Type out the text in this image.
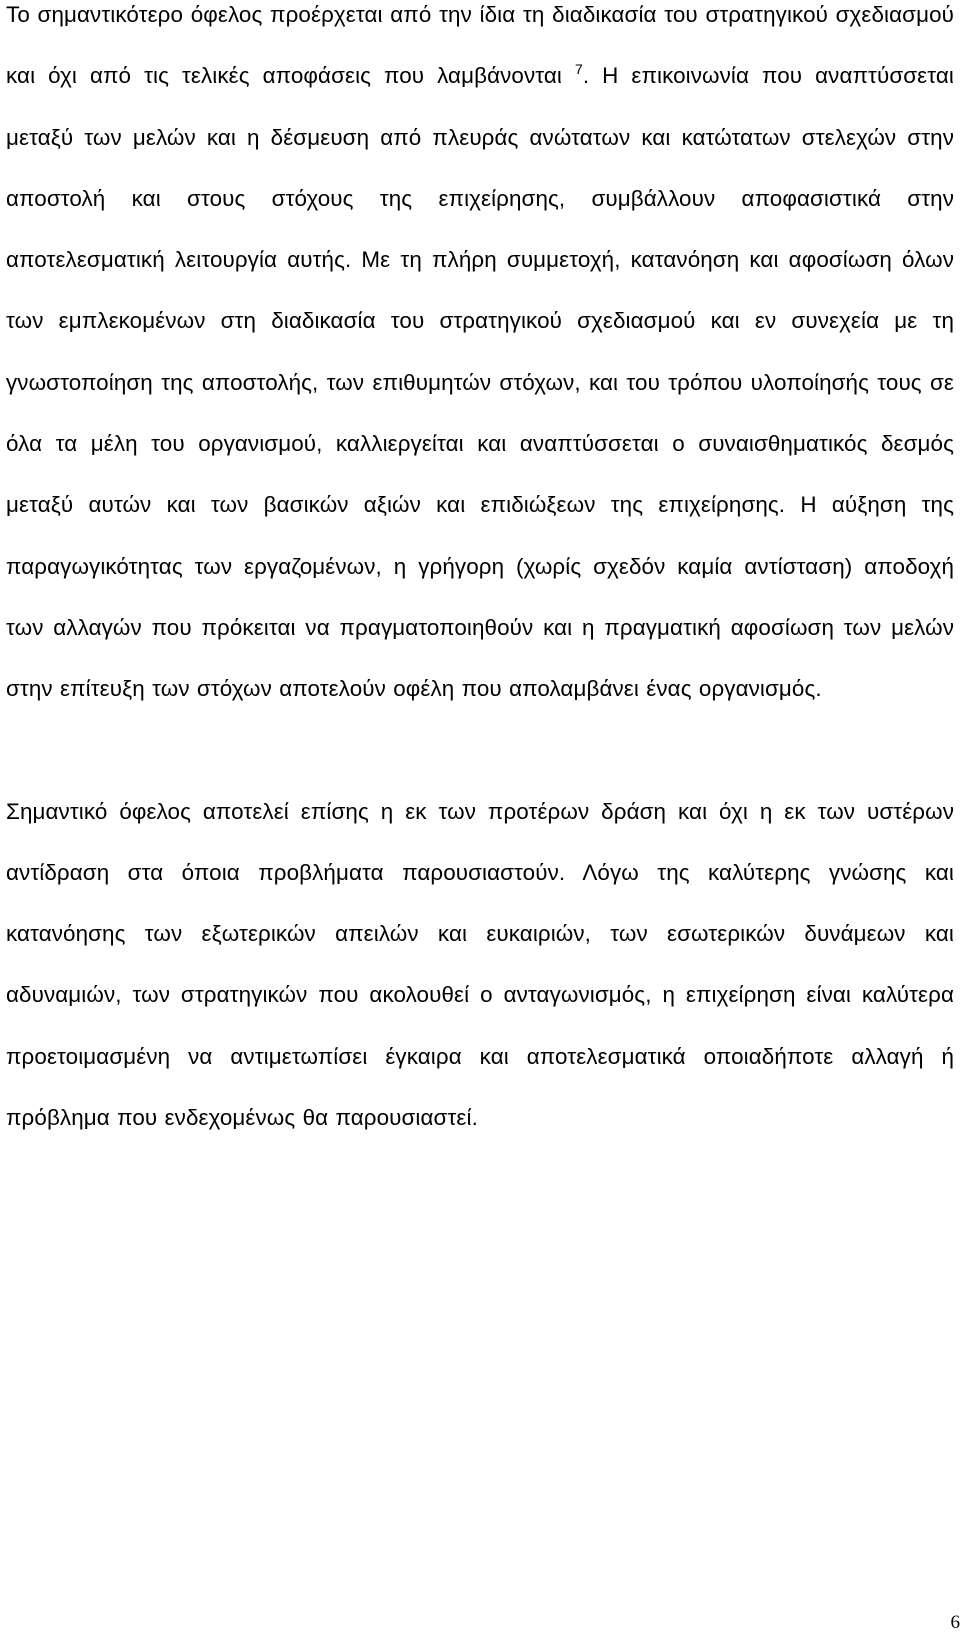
Το σημαντικότερο όφελος προέρχεται από την ίδια τη διαδικασία του στρατηγικού σχεδιασμού και όχι από τις τελικές αποφάσεις που λαμβάνονται $^7$. Η επικοινωνία που αναπτύσσεται μεταξύ των μελών και η δέσμευση από πλευράς ανώτατων και κατώτατων στελεχών στην αποστολή και στους στόχους της επιχείρησης, συμβάλλουν αποφασιστικά στην αποτελεσματική λειτουργία αυτής. Με τη πλήρη συμμετοχή, κατανόηση και αφοσίωση όλων των εμπλεκομένων στη διαδικασία του στρατηγικού σχεδιασμού και εν συνεχεία με τη γνωστοποίηση της αποστολής, των επιθυμητών στόχων, και του τρόπου υλοποίησής τους σε όλα τα μέλη του οργανισμού, καλλιεργείται και αναπτύσσεται ο συναισθηματικός δεσμός μεταξύ αυτών και των βασικών αξιών και επιδιώξεων της επιχείρησης. Η αύξηση της παραγωγικότητας των εργαζομένων, η γρήγορη (χωρίς σχεδόν καμία αντίσταση) αποδοχή των αλλαγών που πρόκειται να πραγματοποιηθούν και η πραγματική αφοσίωση των μελών στην επίτευξη των στόχων αποτελούν οφέλη που απολαμβάνει ένας οργανισμός.

Σημαντικό όφελος αποτελεί επίσης η εκ των προτέρων δράση και όχι η εκ των υστέρων αντίδραση στα όποια προβλήματα παρουσιαστούν. Λόγω της καλύτερης γνώσης και κατανόησης των εξωτερικών απειλών και ευκαιριών, των εσωτερικών δυνάμεων και αδυναμιών, των στρατηγικών που ακολουθεί ο ανταγωνισμός, η επιχείρηση είναι καλύτερα προετοιμασμένη να αντιμετωπίσει έγκαιρα και αποτελεσματικά οποιαδήποτε αλλαγή ή πρόβλημα που ενδεχομένως θα παρουσιαστεί.

6
